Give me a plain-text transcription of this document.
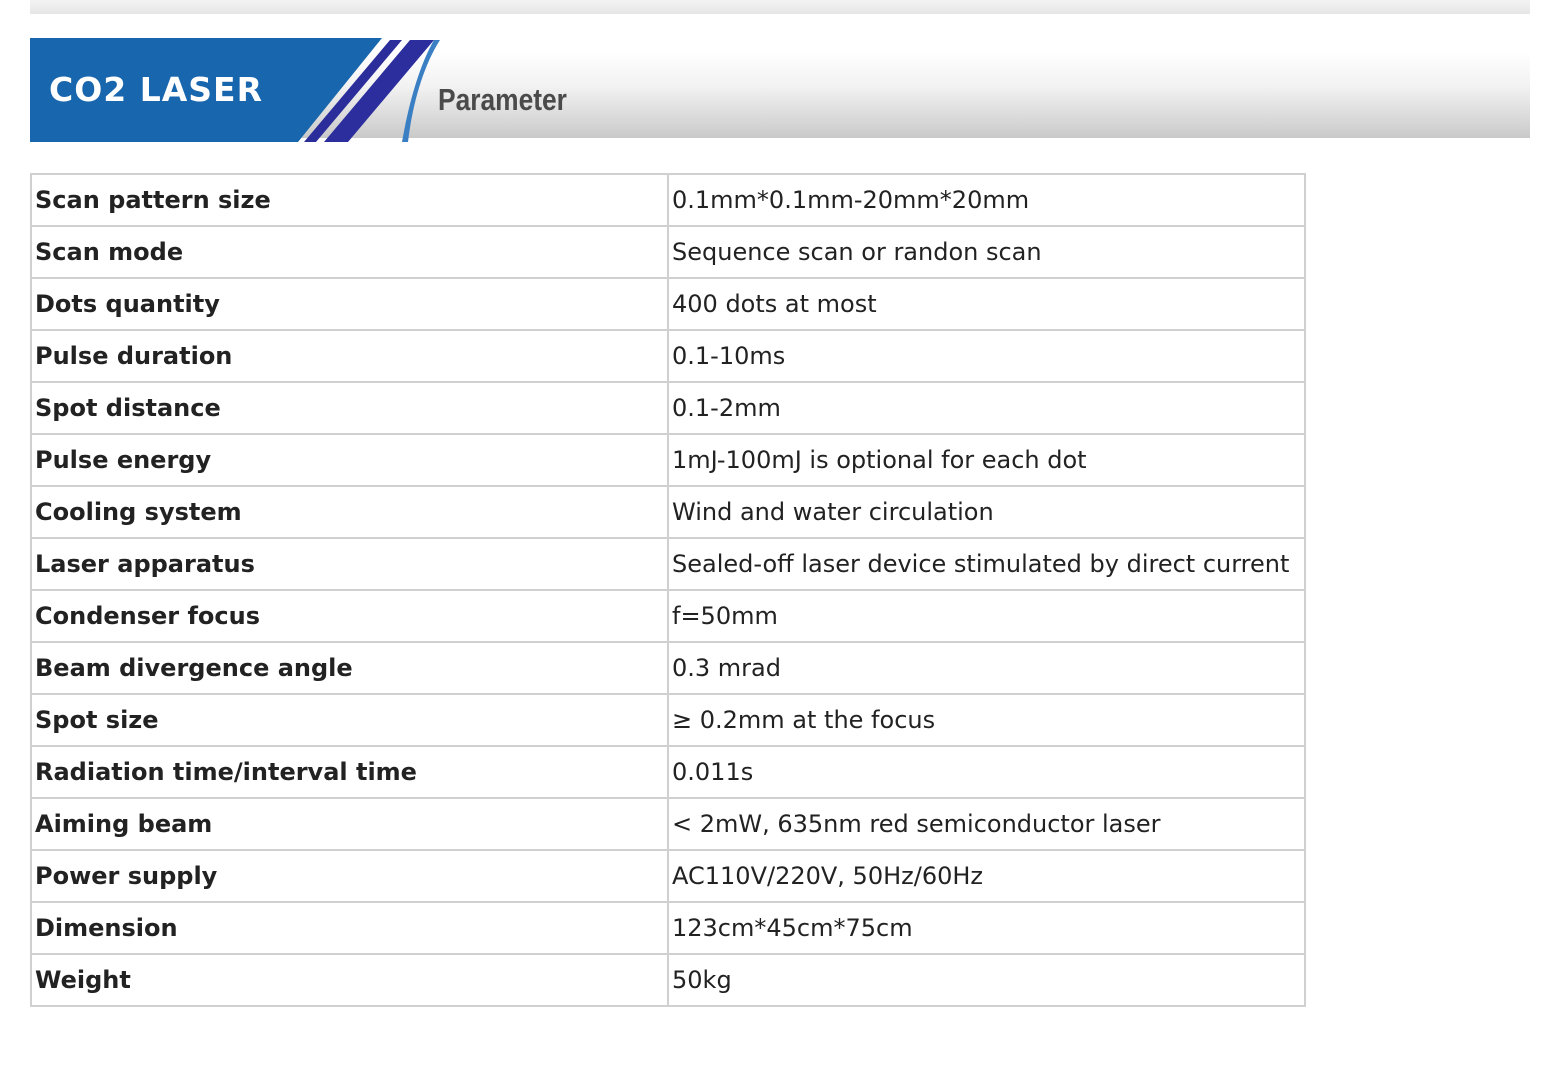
CO2 LASER	Parameter
Scan pattern size	0.1mm*0.1mm-20mm*20mm
Scan mode	Sequence scan or randon scan
Dots quantity	400 dots at most
Pulse duration	0.1-10ms
Spot distance	0.1-2mm
Pulse energy	1mJ-100mJ is optional for each dot
Cooling system	Wind and water circulation
Laser apparatus	Sealed-off laser device stimulated by direct current
Condenser focus	f=50mm
Beam divergence angle	0.3 mrad
Spot size	≥ 0.2mm at the focus
Radiation time/interval time	0.011s
Aiming beam	< 2mW, 635nm red semiconductor laser
Power supply	AC110V/220V, 50Hz/60Hz
Dimension	123cm*45cm*75cm
Weight	50kg
